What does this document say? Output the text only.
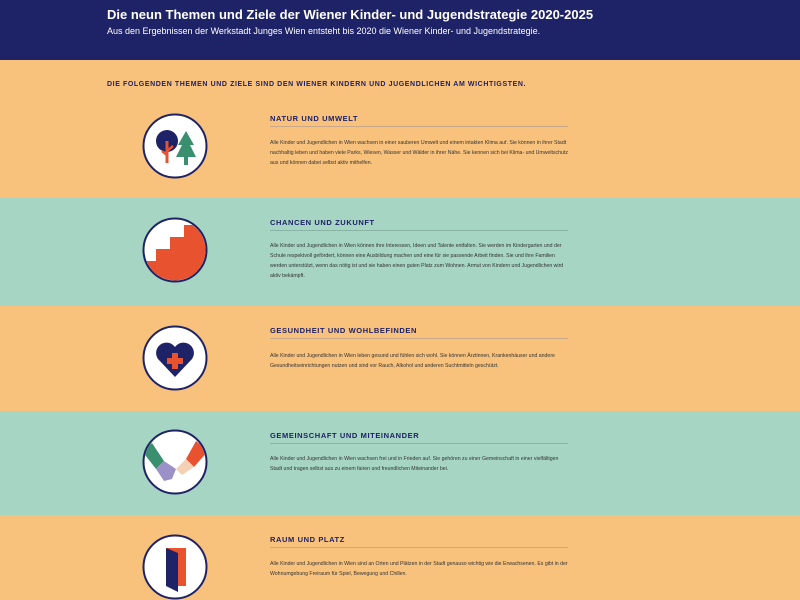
Die neun Themen und Ziele der Wiener Kinder- und Jugendstrategie 2020-2025
Aus den Ergebnissen der Werkstadt Junges Wien entsteht bis 2020 die Wiener Kinder- und Jugendstrategie.
DIE FOLGENDEN THEMEN UND ZIELE SIND DEN WIENER KINDERN UND JUGENDLICHEN AM WICHTIGSTEN.
NATUR UND UMWELT
Alle Kinder und Jugendlichen in Wien wachsen in einer sauberen Umwelt und einem intakten Klima auf. Sie können in ihrer Stadt nachhaltig leben und haben viele Parks, Wiesen, Wasser und Wälder in ihrer Nähe. Sie kennen sich bei Klima- und Umweltschutz aus und können dabei selbst aktiv mithelfen.
CHANCEN UND ZUKUNFT
Alle Kinder und Jugendlichen in Wien können ihre Interessen, Ideen und Talente entfalten. Sie werden im Kindergarten und der Schule respektvoll gefördert, können eine Ausbildung machen und eine für sie passende Arbeit finden. Sie und ihre Familien werden unterstützt, wenn das nötig ist und sie haben einen guten Platz zum Wohnen. Armut von Kindern und Jugendlichen wird aktiv bekämpft.
GESUNDHEIT UND WOHLBEFINDEN
Alle Kinder und Jugendlichen in Wien leben gesund und fühlen sich wohl. Sie können Ärztinnen, Krankenhäuser und andere Gesundheitseinrichtungen nutzen und sind vor Rauch, Alkohol und anderen Suchtmitteln geschützt.
GEMEINSCHAFT UND MITEINANDER
Alle Kinder und Jugendlichen in Wien wachsen frei und in Frieden auf. Sie gehören zu einer Gemeinschaft in einer vielfältigen Stadt und tragen selbst aus zu einem fairen und freundlichen Miteinander bei.
RAUM UND PLATZ
Alle Kinder und Jugendlichen in Wien sind an Orten und Plätzen in der Stadt genauso wichtig wie die Erwachsenen. Es gibt in der Wohnumgebung Freiraum für Spiel, Bewegung und Chillen.
